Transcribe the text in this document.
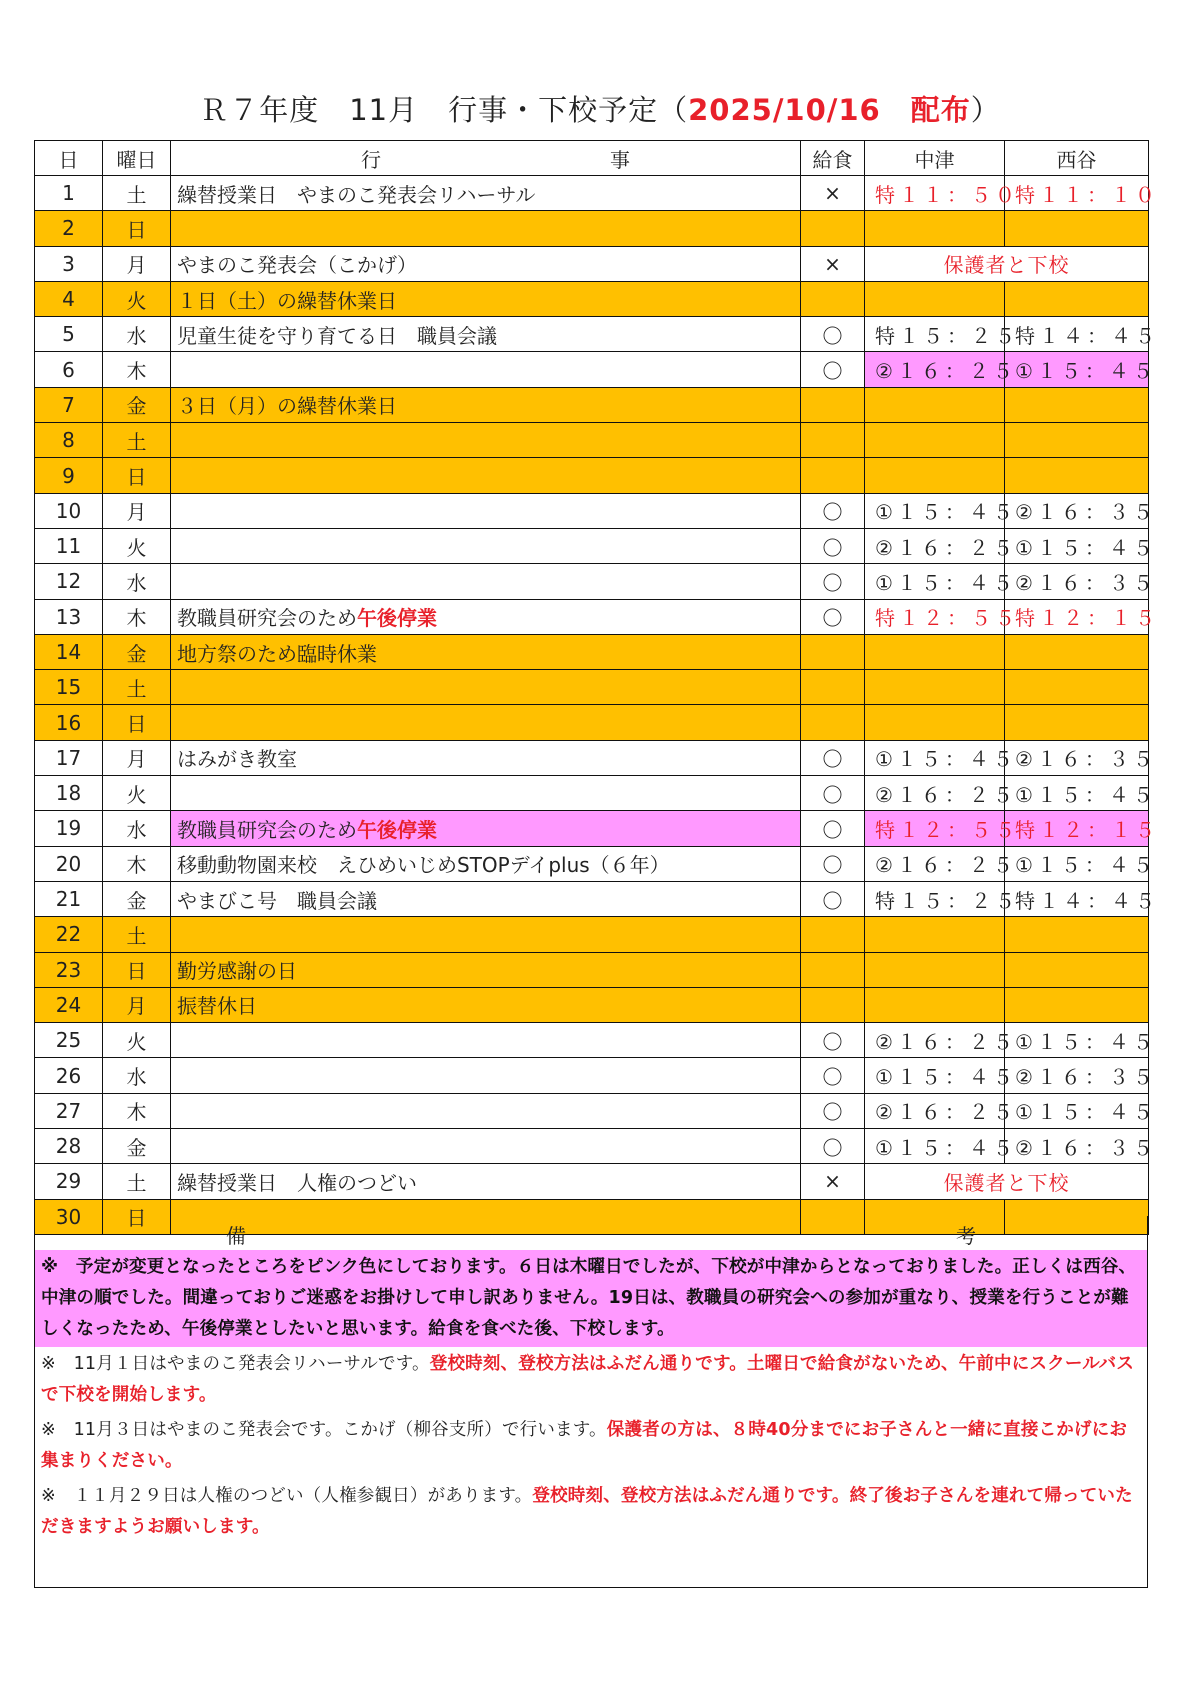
Ｒ７年度　11月　行事・下校予定（2025/10/16　配布）
日	曜日	行 事	給食	中津	西谷
1	土	繰替授業日　やまのこ発表会リハーサル	×	特１１：５０	特１１：１０
2	日				
3	月	やまのこ発表会（こかげ）	×	保護者と下校	
4	火	１日（土）の繰替休業日			
5	水	児童生徒を守り育てる日　職員会議	〇	特１５：２５	特１４：４５
6	木		〇	②１６：２５	①１５：４５
7	金	３日（月）の繰替休業日			
8	土				
9	日				
10	月		〇	①１５：４５	②１６：３５
11	火		〇	②１６：２５	①１５：４５
12	水		〇	①１５：４５	②１６：３５
13	木	教職員研究会のため午後停業	〇	特１２：５５	特１２：１５
14	金	地方祭のため臨時休業			
15	土				
16	日				
17	月	はみがき教室	〇	①１５：４５	②１６：３５
18	火		〇	②１６：２５	①１５：４５
19	水	教職員研究会のため午後停業	〇	特１２：５５	特１２：１５
20	木	移動動物園来校　えひめいじめSTOPデイplus（６年）	〇	②１６：２５	①１５：４５
21	金	やまびこ号　職員会議	〇	特１５：２５	特１４：４５
22	土				
23	日	勤労感謝の日			
24	月	振替休日			
25	火		〇	②１６：２５	①１５：４５
26	水		〇	①１５：４５	②１６：３５
27	木		〇	②１６：２５	①１５：４５
28	金		〇	①１５：４５	②１６：３５
29	土	繰替授業日　人権のつどい	×	保護者と下校	
30	日				
備	考
※　予定が変更となったところをピンク色にしております。６日は木曜日でしたが、下校が中津からとなっておりました。正しくは西谷、中津の順でした。間違っておりご迷惑をお掛けして申し訳ありません。19日は、教職員の研究会への参加が重なり、授業を行うことが難しくなったため、午後停業としたいと思います。給食を食べた後、下校します。
※　11月１日はやまのこ発表会リハーサルです。登校時刻、登校方法はふだん通りです。土曜日で給食がないため、午前中にスクールバスで下校を開始します。
※　11月３日はやまのこ発表会です。こかげ（柳谷支所）で行います。保護者の方は、８時40分までにお子さんと一緒に直接こかげにお集まりください。
※　１１月２９日は人権のつどい（人権参観日）があります。登校時刻、登校方法はふだん通りです。終了後お子さんを連れて帰っていただきますようお願いします。
